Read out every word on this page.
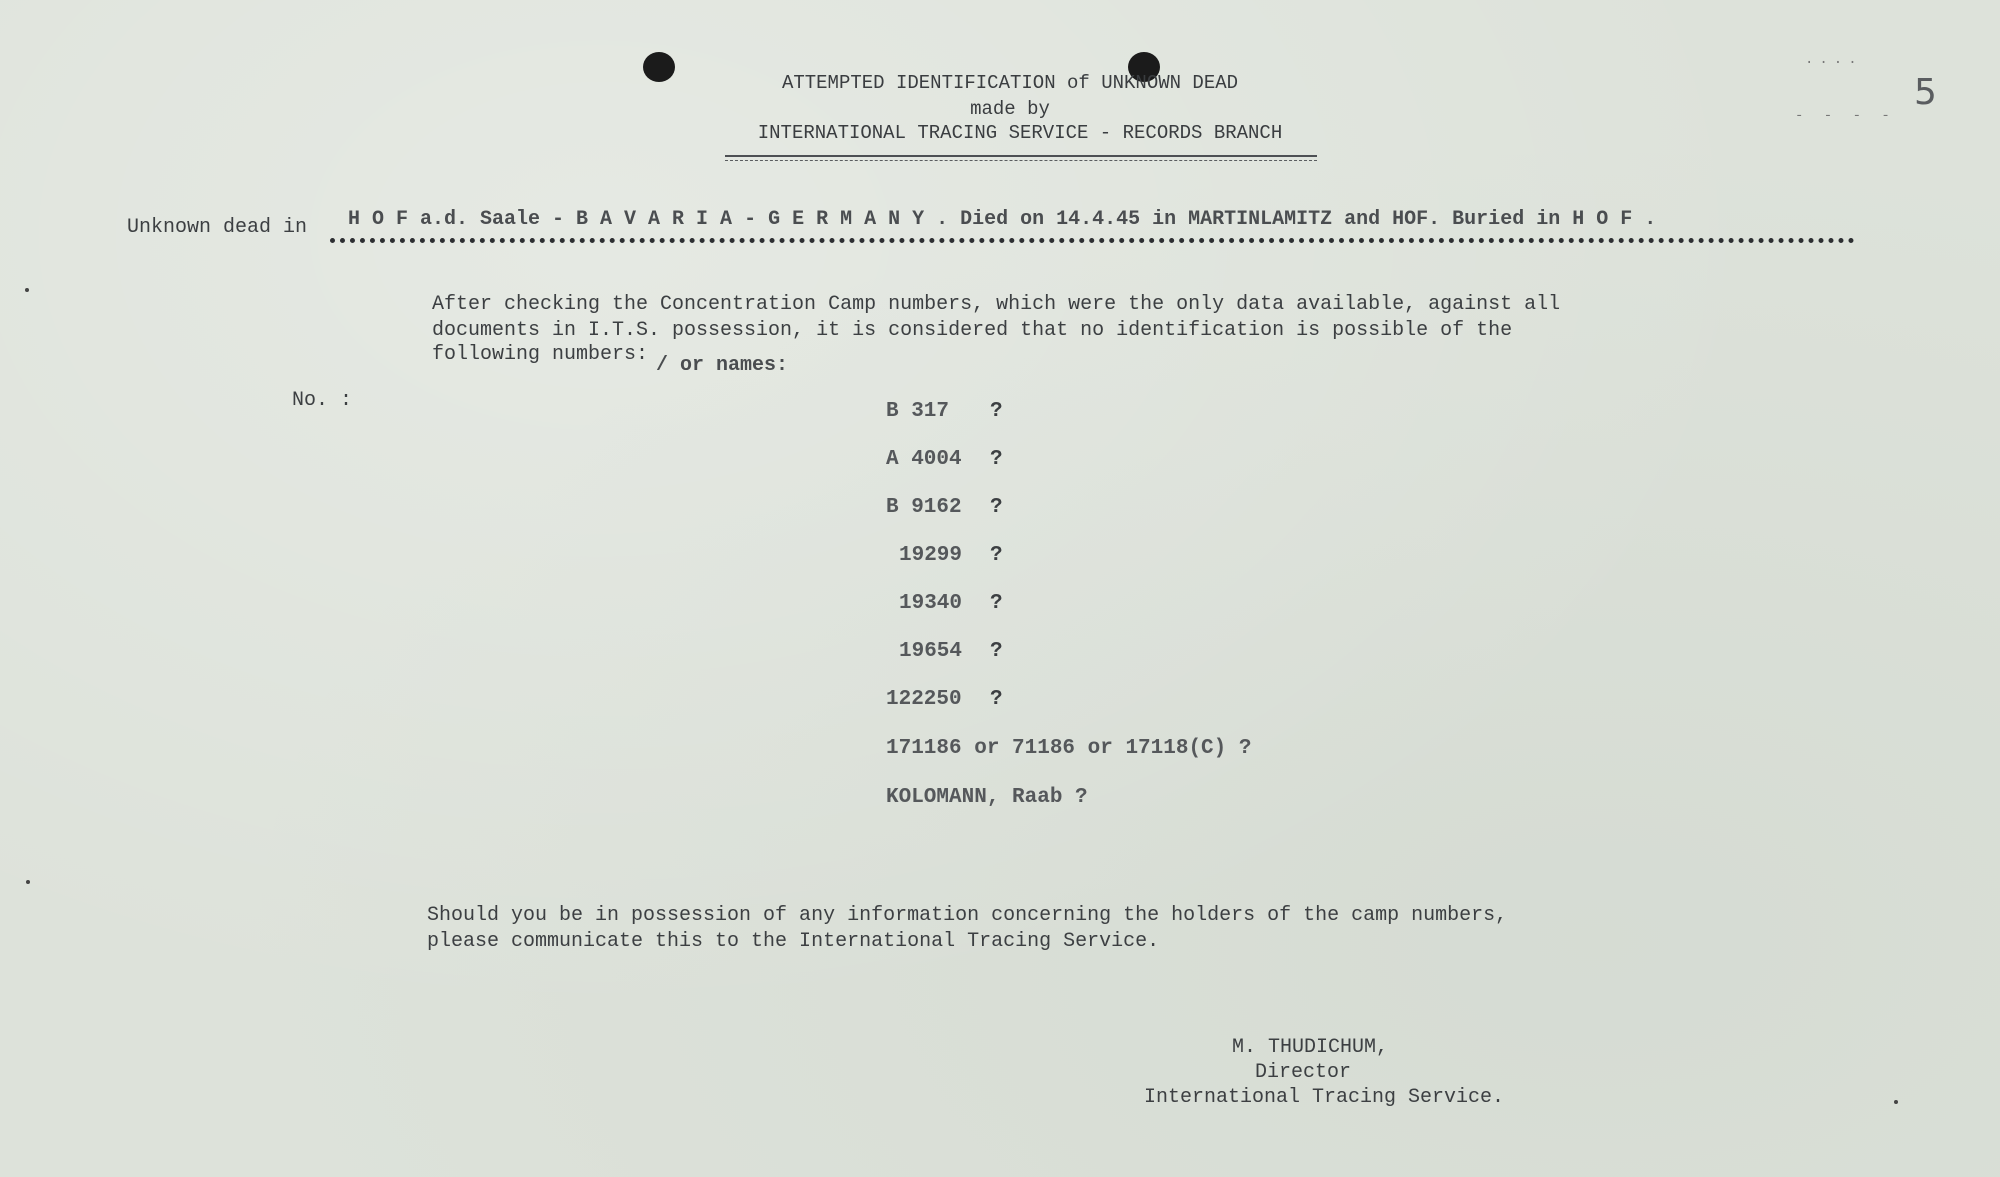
ATTEMPTED IDENTIFICATION of UNKNOWN DEAD
made by
INTERNATIONAL TRACING SERVICE - RECORDS BRANCH
....
- - - -
5
Unknown dead in H O F a.d. Saale - B A V A R I A - G E R M A N Y . Died on 14.4.45 in MARTINLAMITZ and HOF. Buried in H O F .
After checking the Concentration Camp numbers, which were the only data available, against all
documents in I.T.S. possession, it is considered that no identification is possible of the
following numbers: / or names:
No. :	B 317 ?
A 4004 ?
B 9162 ?
19299 ?
19340 ?
19654 ?
122250 ?
171186 or 71186 or 17118(C) ?
KOLOMANN, Raab ?
Should you be in possession of any information concerning the holders of the camp numbers,
please communicate this to the International Tracing Service.
M. THUDICHUM,
Director
International Tracing Service.
